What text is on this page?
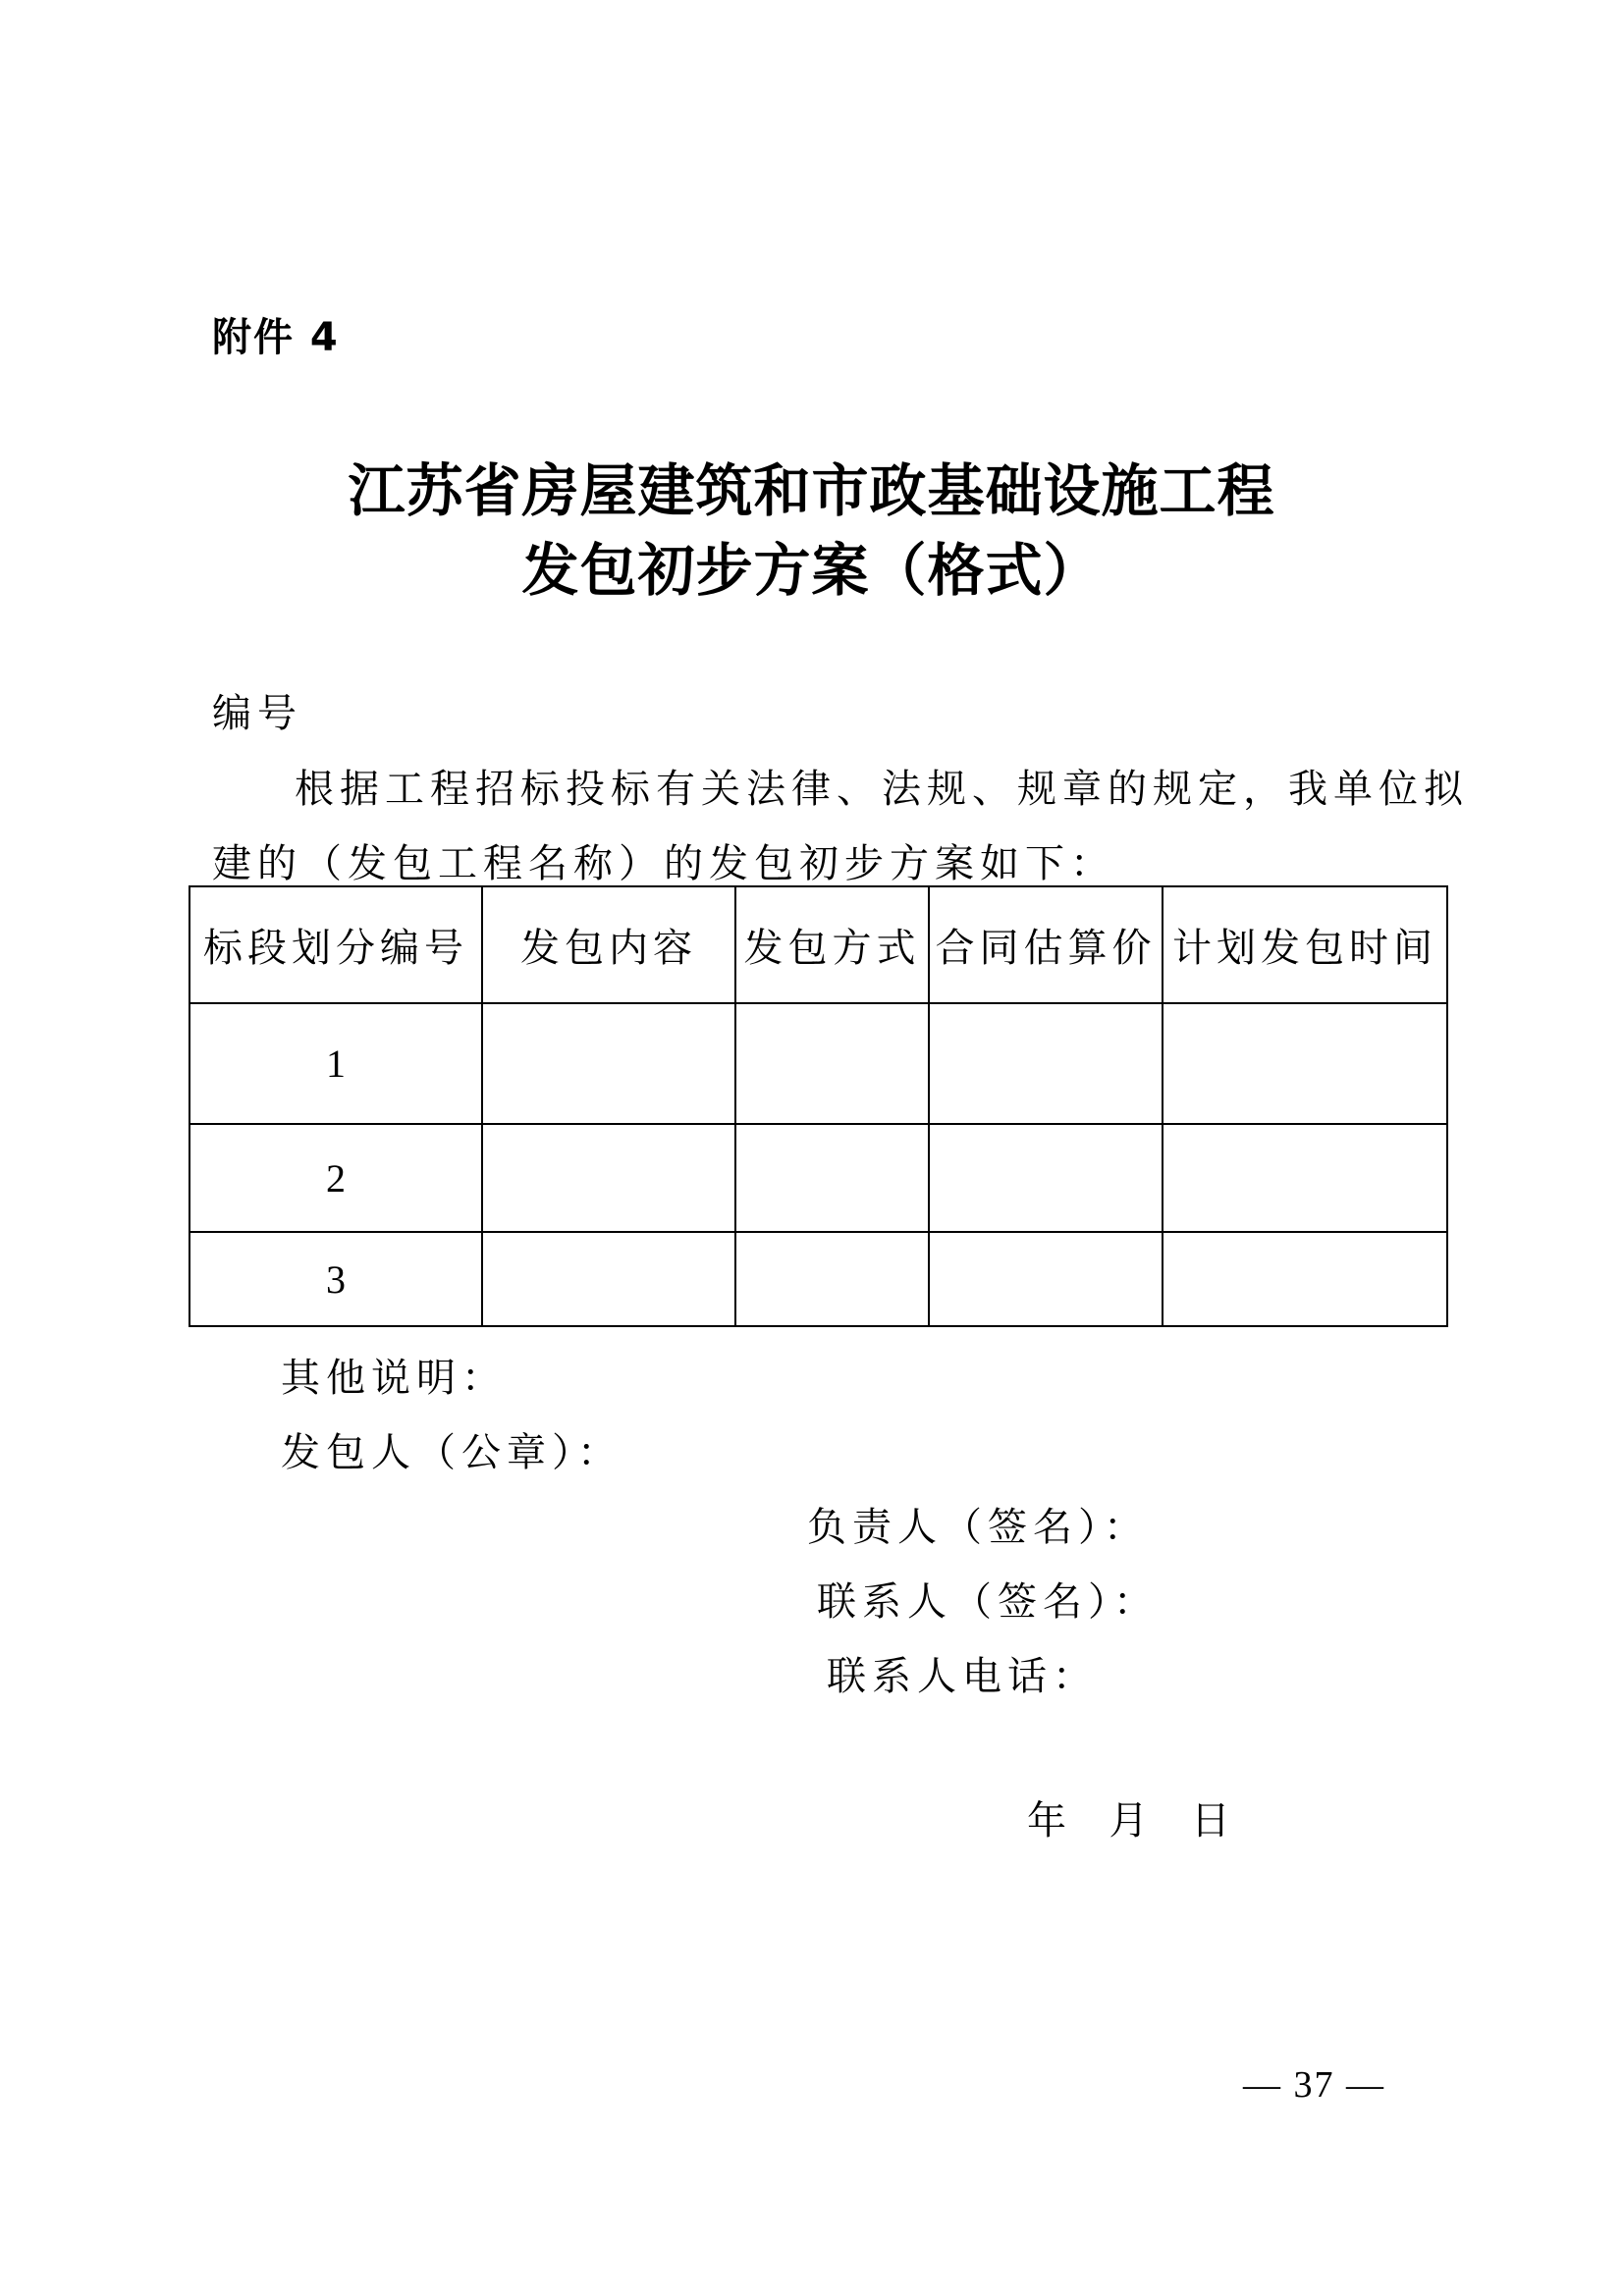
附件 4
江苏省房屋建筑和市政基础设施工程
发包初步方案（格式）
编号
根据工程招标投标有关法律、法规、规章的规定，我单位拟
建的（发包工程名称）的发包初步方案如下：
标段划分编号	发包内容	发包方式	合同估算价	计划发包时间
1				
2				
3				
其他说明：
发包人（公章）：
负责人（签名）：
联系人（签名）：
联系人电话：
年  月  日
— 37 —
